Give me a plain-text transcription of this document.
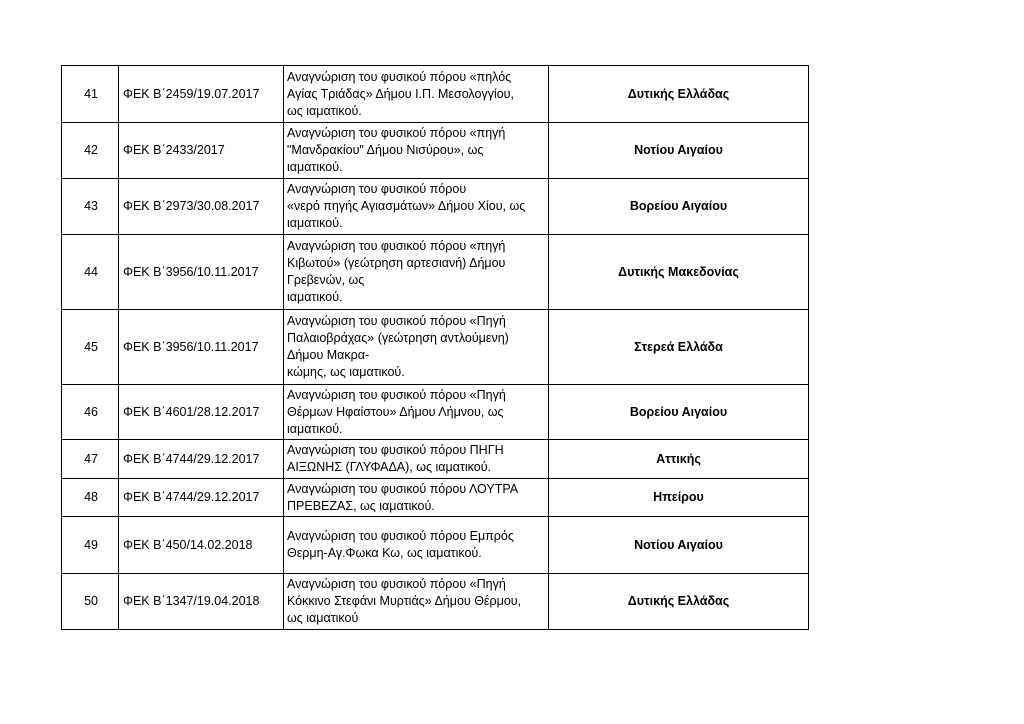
41	ΦΕΚ Β΄2459/19.07.2017	Αναγνώριση του φυσικού πόρου «πηλός
Αγίας Τριάδας» Δήμου Ι.Π. Μεσολογγίου,
ως ιαματικού.	Δυτικής Ελλάδας
42	ΦΕΚ Β΄2433/2017	Αναγνώριση του φυσικού πόρου «πηγή
"Μανδρακίου" Δήμου Νισύρου», ως
ιαματικού.	Νοτίου Αιγαίου
43	ΦΕΚ Β΄2973/30.08.2017	Αναγνώριση του φυσικού πόρου
«νερό πηγής Αγιασμάτων» Δήμου Χίου, ως
ιαματικού.	Βορείου Αιγαίου
44	ΦΕΚ Β΄3956/10.11.2017	Αναγνώριση του φυσικού πόρου «πηγή
Κιβωτού» (γεώτρηση αρτεσιανή) Δήμου
Γρεβενών, ως
ιαματικού.	Δυτικής Μακεδονίας
45	ΦΕΚ Β΄3956/10.11.2017	Αναγνώριση του φυσικού πόρου «Πηγή
Παλαιοβράχας» (γεώτρηση αντλούμενη)
Δήμου Μακρα-
κώμης, ως ιαματικού.	Στερεά Ελλάδα
46	ΦΕΚ Β΄4601/28.12.2017	Αναγνώριση του φυσικού πόρου «Πηγή
Θέρμων Ηφαίστου» Δήμου Λήμνου, ως
ιαματικού.	Βορείου Αιγαίου
47	ΦΕΚ Β΄4744/29.12.2017	Αναγνώριση του φυσικού πόρου ΠΗΓΗ
ΑΙΞΩΝΗΣ (ΓΛΥΦΑΔΑ), ως ιαματικού.	Αττικής
48	ΦΕΚ Β΄4744/29.12.2017	Αναγνώριση του φυσικού πόρου ΛΟΥΤΡΑ
ΠΡΕΒΕΖΑΣ, ως ιαματικού.	Ηπείρου
49	ΦΕΚ Β΄450/14.02.2018	Αναγνώριση του φυσικού πόρου Εμπρός
Θερμη-Αγ.Φωκα Κω, ως ιαματικού.	Νοτίου Αιγαίου
50	ΦΕΚ Β΄1347/19.04.2018	Αναγνώριση του φυσικού πόρου «Πηγή
Κόκκινο Στεφάνι Μυρτιάς» Δήμου Θέρμου,
ως ιαματικού	Δυτικής Ελλάδας
